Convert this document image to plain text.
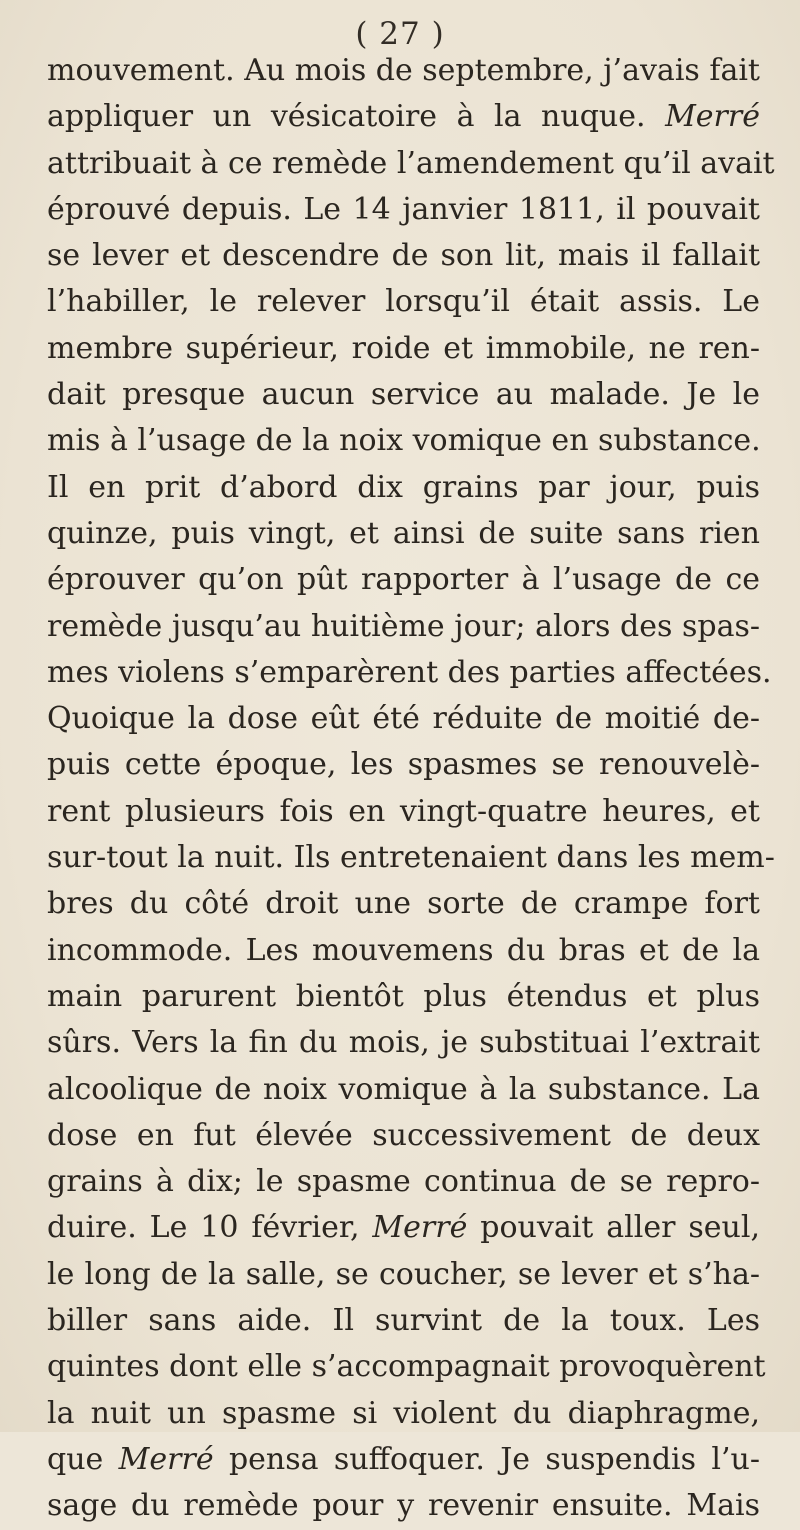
( 27 )
mouvement. Au mois de septembre, j’avais fait
appliquer un vésicatoire à la nuque. Merré
attribuait à ce remède l’amendement qu’il avait
éprouvé depuis. Le 14 janvier 1811, il pouvait
se lever et descendre de son lit, mais il fallait
l’habiller, le relever lorsqu’il était assis. Le
membre supérieur, roide et immobile, ne ren-
dait presque aucun service au malade. Je le
mis à l’usage de la noix vomique en substance.
Il en prit d’abord dix grains par jour, puis
quinze, puis vingt, et ainsi de suite sans rien
éprouver qu’on pût rapporter à l’usage de ce
remède jusqu’au huitième jour; alors des spas-
mes violens s’emparèrent des parties affectées.
Quoique la dose eût été réduite de moitié de-
puis cette époque, les spasmes se renouvelè-
rent plusieurs fois en vingt-quatre heures, et
sur-tout la nuit. Ils entretenaient dans les mem-
bres du côté droit une sorte de crampe fort
incommode. Les mouvemens du bras et de la
main parurent bientôt plus étendus et plus
sûrs. Vers la fin du mois, je substituai l’extrait
alcoolique de noix vomique à la substance. La
dose en fut élevée successivement de deux
grains à dix; le spasme continua de se repro-
duire. Le 10 février, Merré pouvait aller seul,
le long de la salle, se coucher, se lever et s’ha-
biller sans aide. Il survint de la toux. Les
quintes dont elle s’accompagnait provoquèrent
la nuit un spasme si violent du diaphragme,
que Merré pensa suffoquer. Je suspendis l’u-
sage du remède pour y revenir ensuite. Mais
